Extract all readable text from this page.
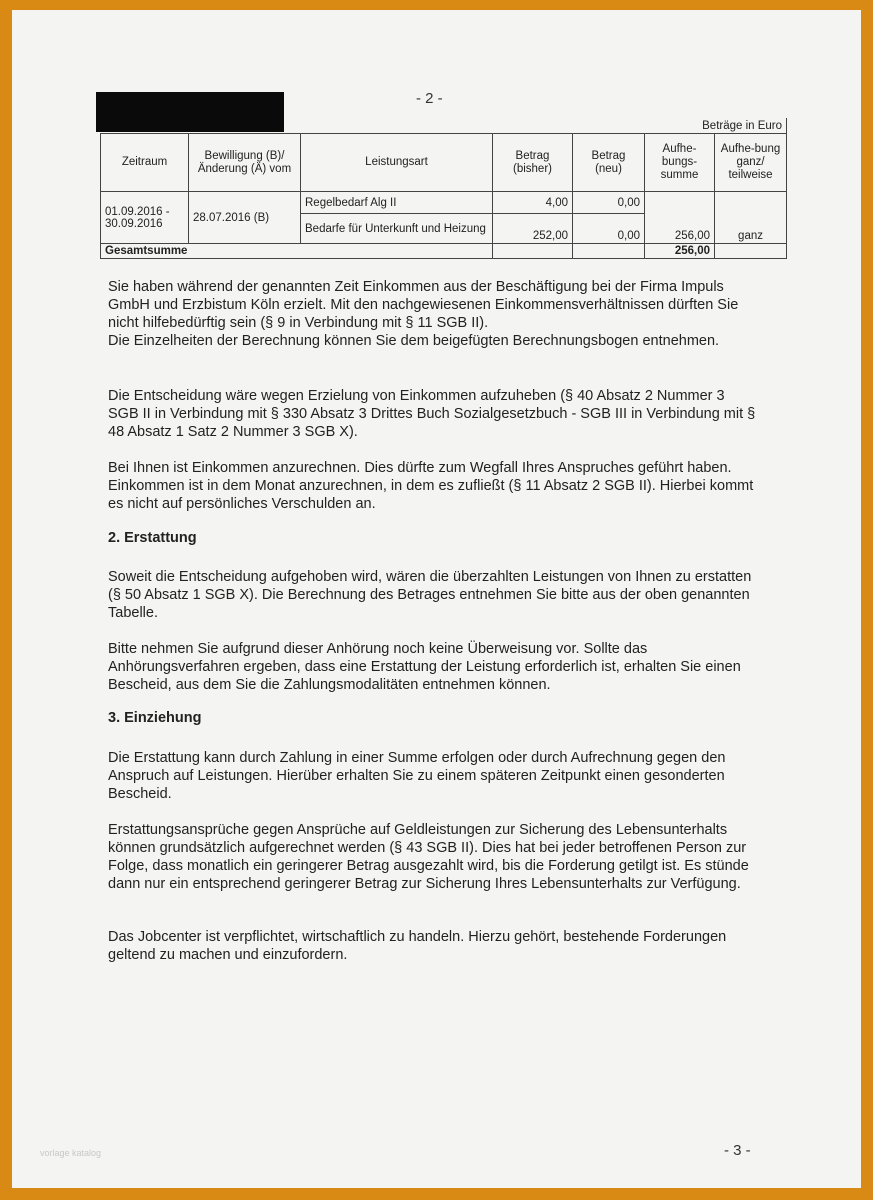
- 2 -
Beträge in Euro						
Zeitraum	Bewilligung (B)/ Änderung (Ä) vom	Leistungsart	Betrag (bisher)	Betrag (neu)	Aufhe-bungs-summe	Aufhe-bung ganz/ teilweise
01.09.2016 - 30.09.2016	28.07.2016 (B)	Regelbedarf Alg II	4,00	0,00	256,00	ganz
		Bedarfe für Unterkunft und Heizung	252,00	0,00		
Gesamtsumme					256,00	

Sie haben während der genannten Zeit Einkommen aus der Beschäftigung bei der Firma Impuls GmbH und Erzbistum Köln erzielt. Mit den nachgewiesenen Einkommensverhältnissen dürften Sie nicht hilfebedürftig sein (§ 9 in Verbindung mit § 11 SGB II).

Die Einzelheiten der Berechnung können Sie dem beigefügten Berechnungsbogen entnehmen.

Die Entscheidung wäre wegen Erzielung von Einkommen aufzuheben (§ 40 Absatz 2 Nummer 3 SGB II in Verbindung mit § 330 Absatz 3 Drittes Buch Sozialgesetzbuch - SGB III in Verbindung mit § 48 Absatz 1 Satz 2 Nummer 3 SGB X).
Bei Ihnen ist Einkommen anzurechnen. Dies dürfte zum Wegfall Ihres Anspruches geführt haben. Einkommen ist in dem Monat anzurechnen, in dem es zufließt (§ 11 Absatz 2 SGB II). Hierbei kommt es nicht auf persönliches Verschulden an.
2. Erstattung
Soweit die Entscheidung aufgehoben wird, wären die überzahlten Leistungen von Ihnen zu erstatten (§ 50 Absatz 1 SGB X). Die Berechnung des Betrages entnehmen Sie bitte aus der oben genannten Tabelle.
Bitte nehmen Sie aufgrund dieser Anhörung noch keine Überweisung vor. Sollte das Anhörungsverfahren ergeben, dass eine Erstattung der Leistung erforderlich ist, erhalten Sie einen Bescheid, aus dem Sie die Zahlungsmodalitäten entnehmen können.
3. Einziehung
Die Erstattung kann durch Zahlung in einer Summe erfolgen oder durch Aufrechnung gegen den Anspruch auf Leistungen. Hierüber erhalten Sie zu einem späteren Zeitpunkt einen gesonderten Bescheid.
Erstattungsansprüche gegen Ansprüche auf Geldleistungen zur Sicherung des Lebensunterhalts können grundsätzlich aufgerechnet werden (§ 43 SGB II). Dies hat bei jeder betroffenen Person zur Folge, dass monatlich ein geringerer Betrag ausgezahlt wird, bis die Forderung getilgt ist. Es stünde dann nur ein entsprechend geringerer Betrag zur Sicherung Ihres Lebensunterhalts zur Verfügung.
Das Jobcenter ist verpflichtet, wirtschaftlich zu handeln. Hierzu gehört, bestehende Forderungen geltend zu machen und einzufordern.
- 3 -
vorlage katalog
